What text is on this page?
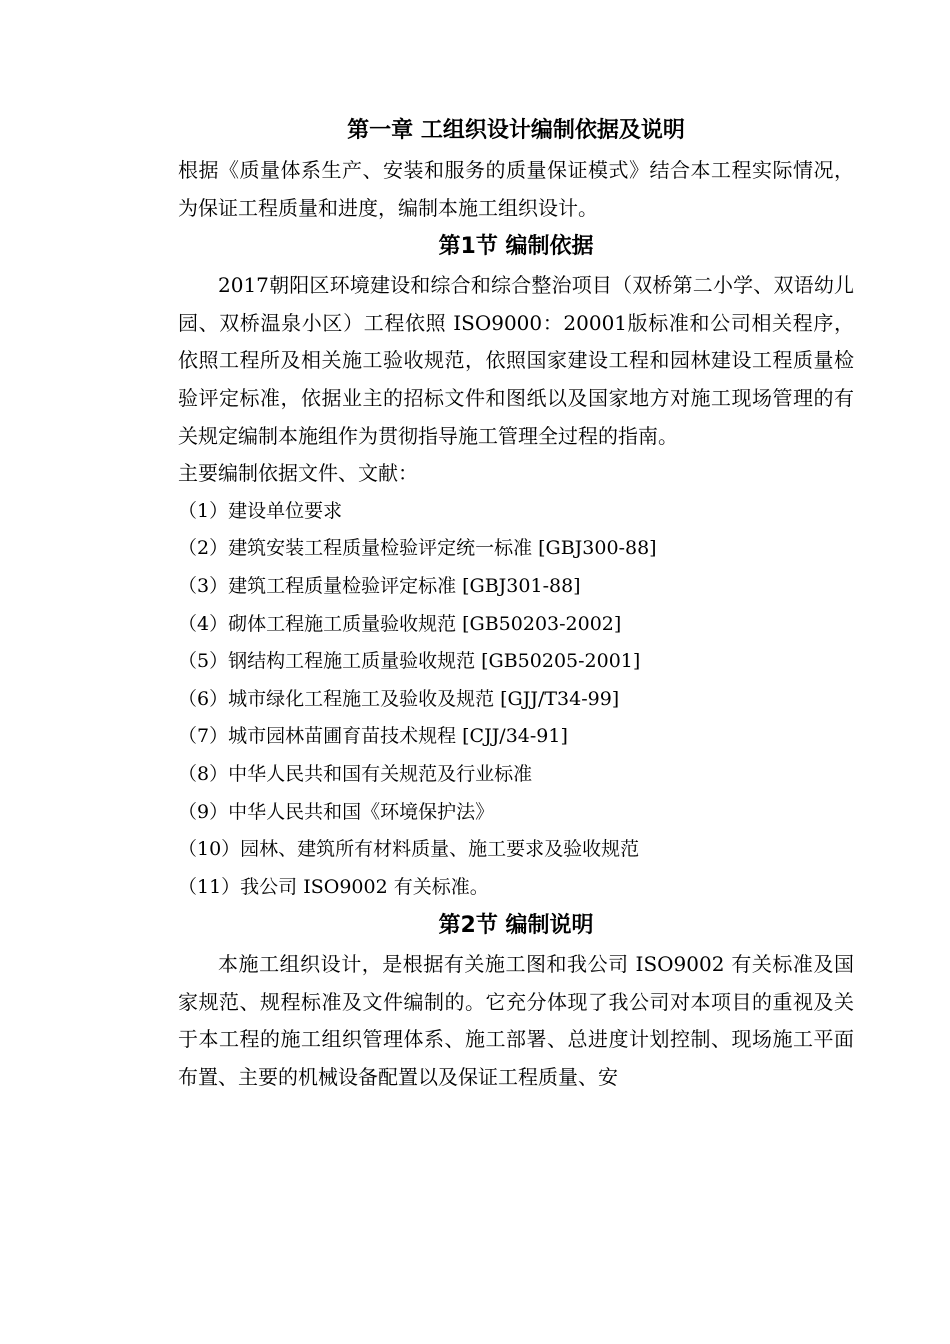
第一章 工组织设计编制依据及说明

根据《质量体系生产、安装和服务的质量保证模式》结合本工程实际情况，为保证工程质量和进度，编制本施工组织设计。

第1节 编制依据

2017朝阳区环境建设和综合和综合整治项目（双桥第二小学、双语幼儿园、双桥温泉小区）工程依照 ISO9000：20001版标准和公司相关程序，依照工程所及相关施工验收规范，依照国家建设工程和园林建设工程质量检验评定标准，依据业主的招标文件和图纸以及国家地方对施工现场管理的有关规定编制本施组作为贯彻指导施工管理全过程的指南。

主要编制依据文件、文献：
（1）建设单位要求
（2）建筑安装工程质量检验评定统一标准 [GBJ300-88]
（3）建筑工程质量检验评定标准 [GBJ301-88]
（4）砌体工程施工质量验收规范 [GB50203-2002]
（5）钢结构工程施工质量验收规范 [GB50205-2001]
（6）城市绿化工程施工及验收及规范 [GJJ/T34-99]
（7）城市园林苗圃育苗技术规程 [CJJ/34-91]
（8）中华人民共和国有关规范及行业标准
（9）中华人民共和国《环境保护法》
（10）园林、建筑所有材料质量、施工要求及验收规范
（11）我公司 ISO9002 有关标准。
第2节 编制说明

本施工组织设计，是根据有关施工图和我公司 ISO9002 有关标准及国家规范、规程标准及文件编制的。它充分体现了我公司对本项目的重视及关于本工程的施工组织管理体系、施工部署、总进度计划控制、现场施工平面布置、主要的机械设备配置以及保证工程质量、安
